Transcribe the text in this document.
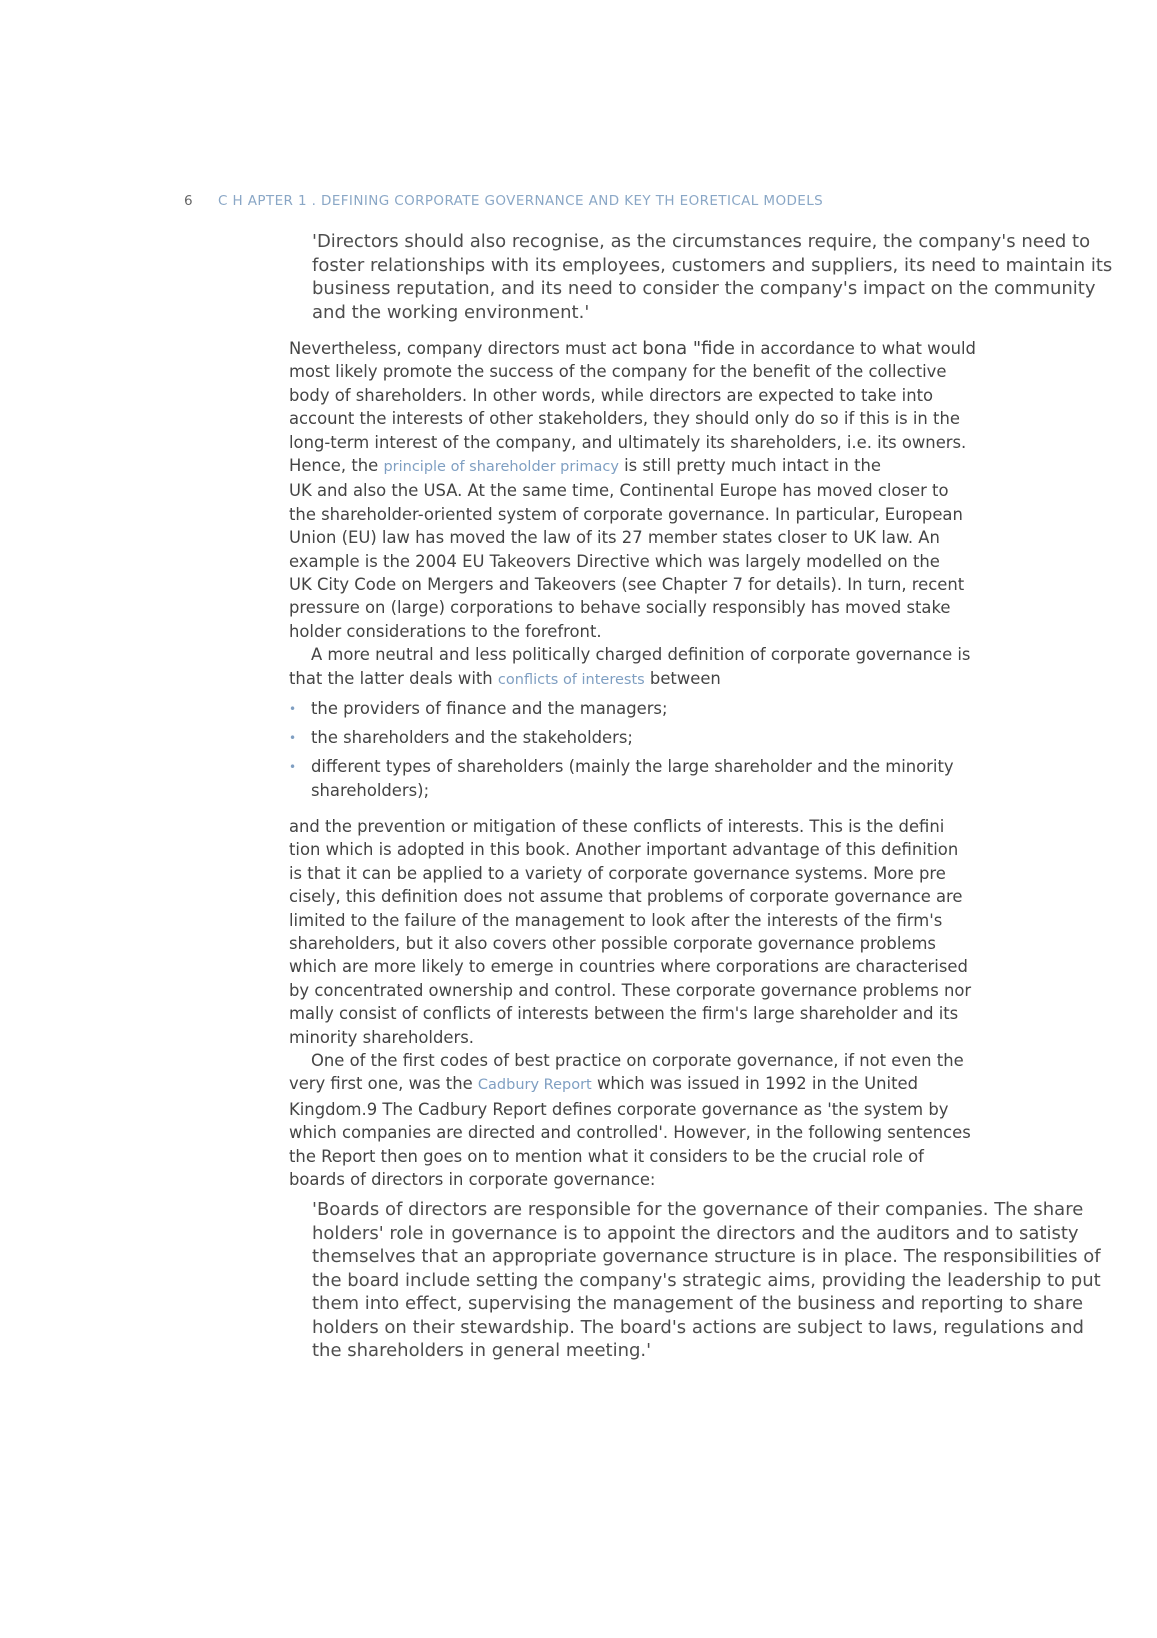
6 C H APTER 1 . DEFINING CORPORATE GOVERNANCE AND KEY TH EORETICAL MODELS
'Directors should also recognise, as the circumstances require, the company's need to
foster relationships with its employees, customers and suppliers, its need to maintain its
business reputation, and its need to consider the company's impact on the community
and the working environment.'
Nevertheless, company directors must act bona "fide in accordance to what would
most likely promote the success of the company for the benefit of the collective
body of shareholders. In other words, while directors are expected to take into
account the interests of other stakeholders, they should only do so if this is in the
long-term interest of the company, and ultimately its shareholders, i.e. its owners.
Hence, the principle of shareholder primacy is still pretty much intact in the
UK and also the USA. At the same time, Continental Europe has moved closer to
the shareholder-oriented system of corporate governance. In particular, European
Union (EU) law has moved the law of its 27 member states closer to UK law. An
example is the 2004 EU Takeovers Directive which was largely modelled on the
UK City Code on Mergers and Takeovers (see Chapter 7 for details). In turn, recent
pressure on (large) corporations to behave socially responsibly has moved stake
holder considerations to the forefront.
A more neutral and less politically charged definition of corporate governance is
that the latter deals with conflicts of interests between
• the providers of finance and the managers;
• the shareholders and the stakeholders;
• different types of shareholders (mainly the large shareholder and the minority
shareholders);
and the prevention or mitigation of these conflicts of interests. This is the defini
tion which is adopted in this book. Another important advantage of this definition
is that it can be applied to a variety of corporate governance systems. More pre
cisely, this definition does not assume that problems of corporate governance are
limited to the failure of the management to look after the interests of the firm's
shareholders, but it also covers other possible corporate governance problems
which are more likely to emerge in countries where corporations are characterised
by concentrated ownership and control. These corporate governance problems nor
mally consist of conflicts of interests between the firm's large shareholder and its
minority shareholders.
One of the first codes of best practice on corporate governance, if not even the
very first one, was the Cadbury Report which was issued in 1992 in the United
Kingdom.9 The Cadbury Report defines corporate governance as 'the system by
which companies are directed and controlled'. However, in the following sentences
the Report then goes on to mention what it considers to be the crucial role of
boards of directors in corporate governance:
'Boards of directors are responsible for the governance of their companies. The share
holders' role in governance is to appoint the directors and the auditors and to satisty
themselves that an appropriate governance structure is in place. The responsibilities of
the board include setting the company's strategic aims, providing the leadership to put
them into effect, supervising the management of the business and reporting to share
holders on their stewardship. The board's actions are subject to laws, regulations and
the shareholders in general meeting.'
